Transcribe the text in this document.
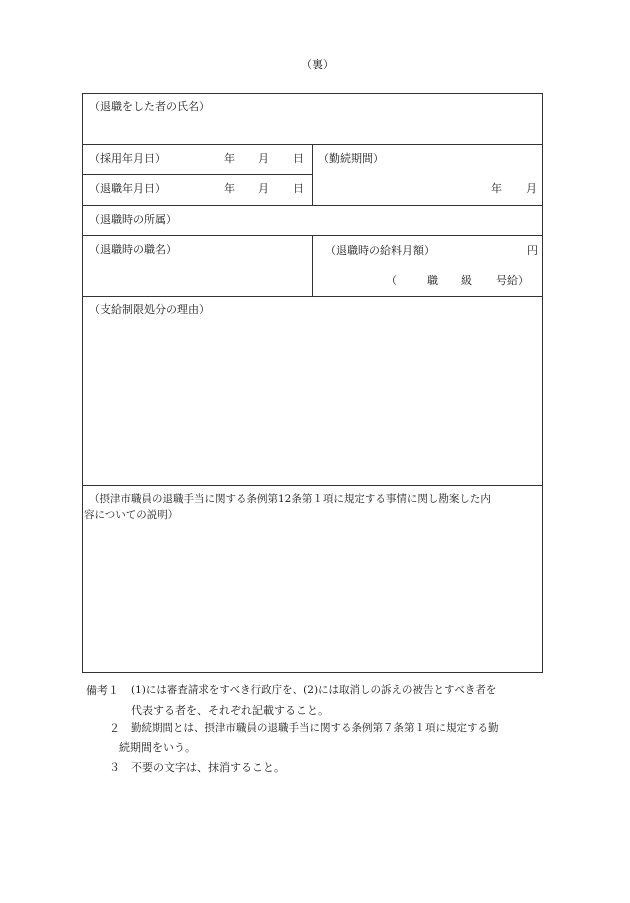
（裏）
（退職をした者の氏名）
（採用年月日）	年 月 日
（退職年月日）	年 月 日
（勤続期間）
年 月
（退職時の所属）
（退職時の職名）	（退職時の給料月額）	円
（	職 級 号給）
（支給制限処分の理由）
（摂津市職員の退職手当に関する条例第12条第１項に規定する事情に関し勘案した内
容についての説明）
備考１ (1)には審査請求をすべき行政庁を、(2)には取消しの訴えの被告とすべき者を
代表する者を、それぞれ記載すること。
２ 勤続期間とは、摂津市職員の退職手当に関する条例第７条第１項に規定する勤
続期間をいう。
３ 不要の文字は、抹消すること。
